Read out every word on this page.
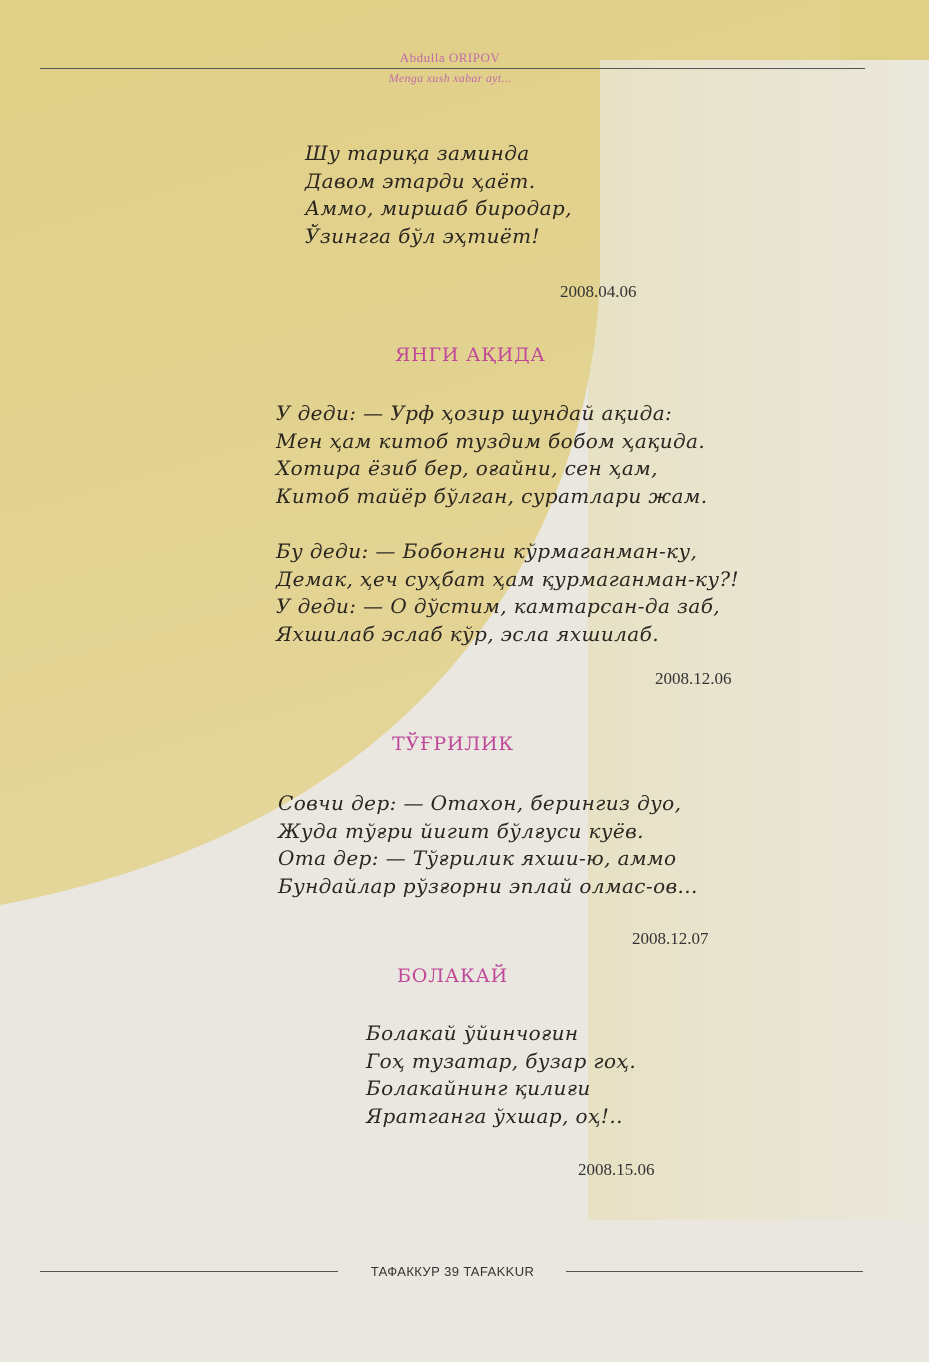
Abdulla ORIPOV
Menga xush xabar ayt...
Шу тариқа заминда
Давом этарди ҳаёт.
Аммо, миршаб биродар,
Ўзингга бўл эҳтиёт!
2008.04.06
ЯНГИ АҚИДА
У деди: — Урф ҳозир шундай ақида:
Мен ҳам китоб туздим бобом ҳақида.
Хотира ёзиб бер, оғайни, сен ҳам,
Китоб тайёр бўлган, суратлари жам.
Бу деди: — Бобонгни кўрмаганман-ку,
Демак, ҳеч суҳбат ҳам қурмаганман-ку?!
У деди: — О дўстим, камтарсан-да заб,
Яхшилаб эслаб кўр, эсла яхшилаб.
2008.12.06
ТЎҒРИЛИК
Совчи дер: — Отахон, берингиз дуо,
Жуда тўғри йигит бўлғуси куёв.
Ота дер: — Тўғрилик яхши-ю, аммо
Бундайлар рўзғорни эплай олмас-ов...
2008.12.07
БОЛАКАЙ
Болакай ўйинчоғин
Гоҳ тузатар, бузар гоҳ.
Болакайнинг қилиғи
Яратганга ўхшар, оҳ!..
2008.15.06
ТАФАККУР 39 TAFAKKUR
